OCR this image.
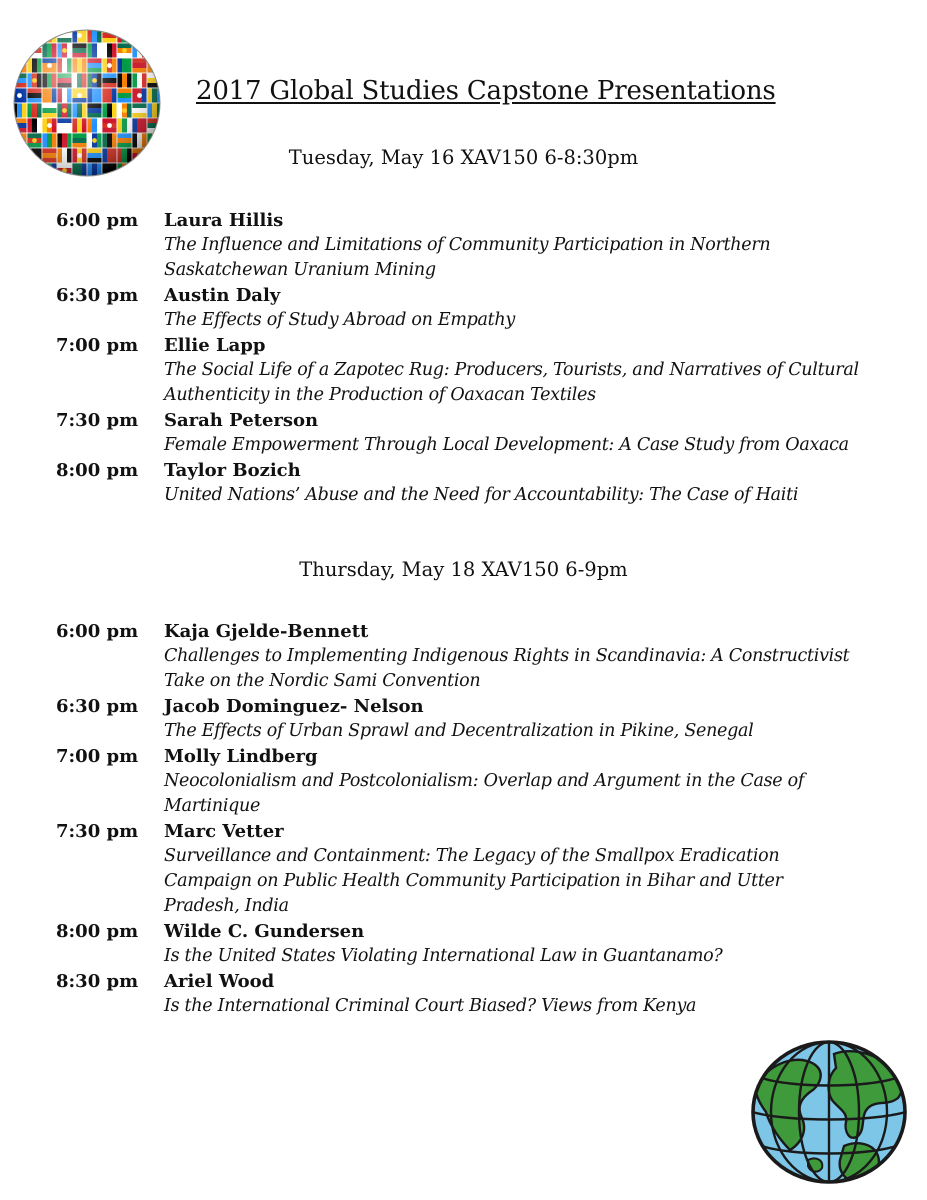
2017 Global Studies Capstone Presentations
Tuesday, May 16 XAV150 6-8:30pm
6:00 pm Laura Hillis
The Influence and Limitations of Community Participation in Northern
Saskatchewan Uranium Mining
6:30 pm Austin Daly
The Effects of Study Abroad on Empathy
7:00 pm Ellie Lapp
The Social Life of a Zapotec Rug: Producers, Tourists, and Narratives of Cultural
Authenticity in the Production of Oaxacan Textiles
7:30 pm Sarah Peterson
Female Empowerment Through Local Development: A Case Study from Oaxaca
8:00 pm Taylor Bozich
United Nations’ Abuse and the Need for Accountability: The Case of Haiti
Thursday, May 18 XAV150 6-9pm
6:00 pm Kaja Gjelde-Bennett
Challenges to Implementing Indigenous Rights in Scandinavia: A Constructivist
Take on the Nordic Sami Convention
6:30 pm Jacob Dominguez- Nelson
The Effects of Urban Sprawl and Decentralization in Pikine, Senegal
7:00 pm Molly Lindberg
Neocolonialism and Postcolonialism: Overlap and Argument in the Case of
Martinique
7:30 pm Marc Vetter
Surveillance and Containment: The Legacy of the Smallpox Eradication
Campaign on Public Health Community Participation in Bihar and Utter
Pradesh, India
8:00 pm Wilde C. Gundersen
Is the United States Violating International Law in Guantanamo?
8:30 pm Ariel Wood
Is the International Criminal Court Biased? Views from Kenya
